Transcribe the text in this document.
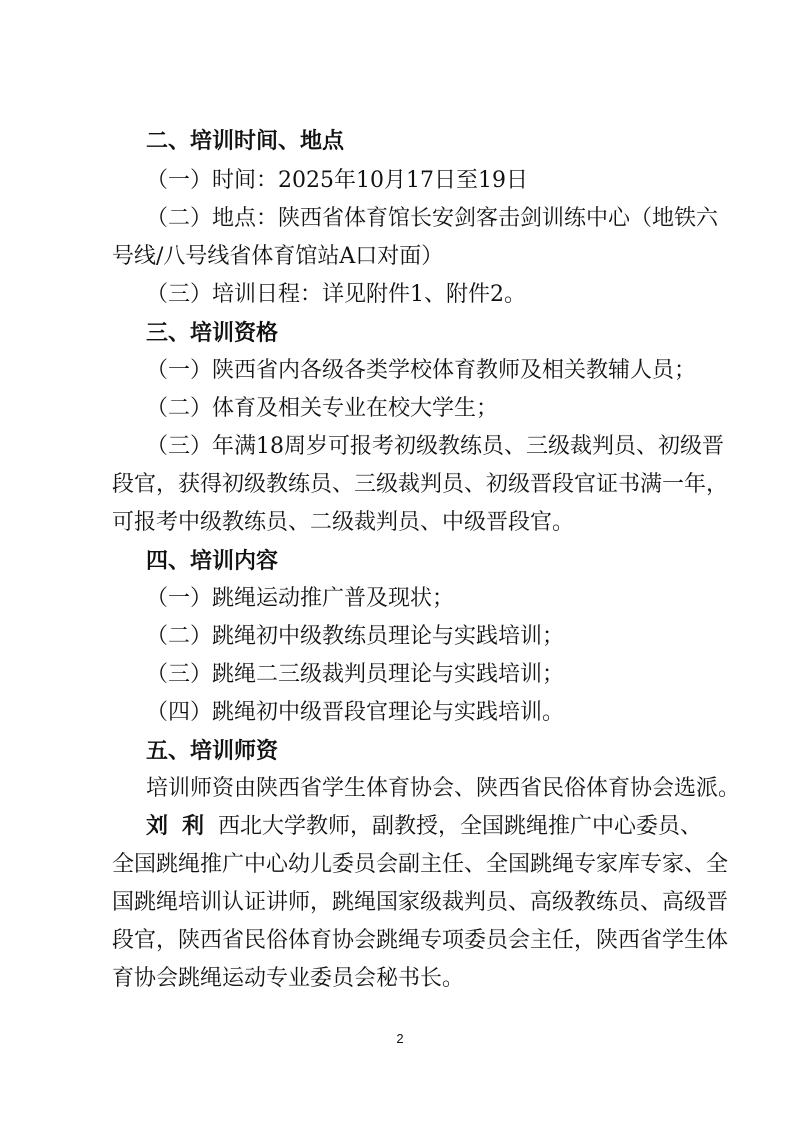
二、培训时间、地点
（一）时间：2025年10月17日至19日
（二）地点：陕西省体育馆长安剑客击剑训练中心（地铁六
号线/八号线省体育馆站A口对面）
（三）培训日程：详见附件1、附件2。
三、培训资格
（一）陕西省内各级各类学校体育教师及相关教辅人员；
（二）体育及相关专业在校大学生；
（三）年满18周岁可报考初级教练员、三级裁判员、初级晋
段官，获得初级教练员、三级裁判员、初级晋段官证书满一年，
可报考中级教练员、二级裁判员、中级晋段官。
四、培训内容
（一）跳绳运动推广普及现状；
（二）跳绳初中级教练员理论与实践培训；
（三）跳绳二三级裁判员理论与实践培训；
（四）跳绳初中级晋段官理论与实践培训。
五、培训师资
培训师资由陕西省学生体育协会、陕西省民俗体育协会选派。
刘利西北大学教师，副教授，全国跳绳推广中心委员、
全国跳绳推广中心幼儿委员会副主任、全国跳绳专家库专家、全
国跳绳培训认证讲师，跳绳国家级裁判员、高级教练员、高级晋
段官，陕西省民俗体育协会跳绳专项委员会主任，陕西省学生体
育协会跳绳运动专业委员会秘书长。
2
